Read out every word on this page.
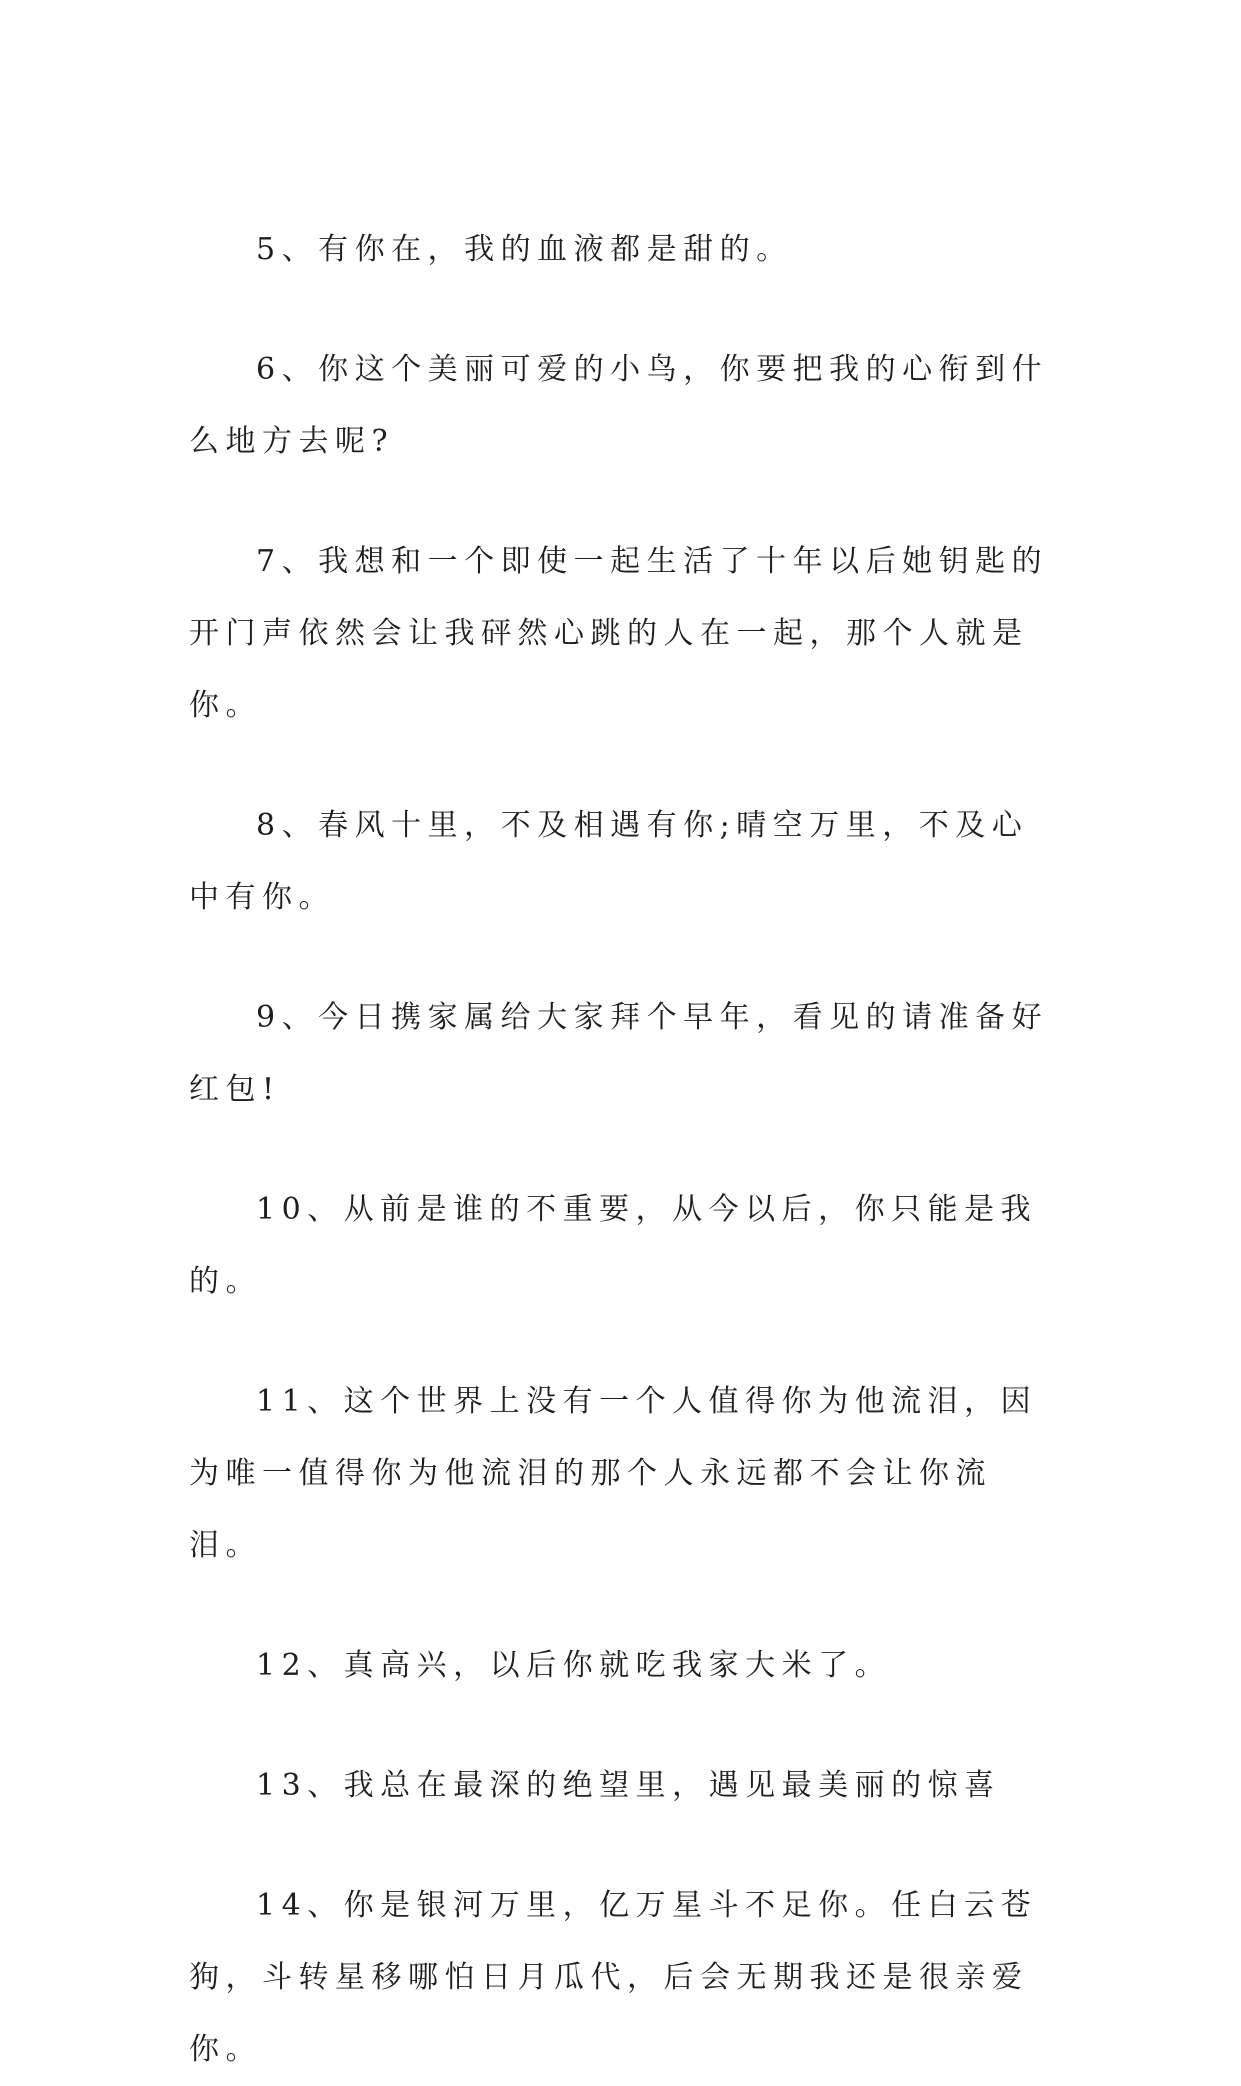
5、有你在，我的血液都是甜的。

6、你这个美丽可爱的小鸟，你要把我的心衔到什么地方去呢?

7、我想和一个即使一起生活了十年以后她钥匙的开门声依然会让我砰然心跳的人在一起，那个人就是你。

8、春风十里，不及相遇有你;晴空万里，不及心中有你。

9、今日携家属给大家拜个早年，看见的请准备好红包!

10、从前是谁的不重要，从今以后，你只能是我的。

11、这个世界上没有一个人值得你为他流泪，因为唯一值得你为他流泪的那个人永远都不会让你流泪。

12、真高兴，以后你就吃我家大米了。

13、我总在最深的绝望里，遇见最美丽的惊喜

14、你是银河万里，亿万星斗不足你。任白云苍狗，斗转星移哪怕日月瓜代，后会无期我还是很亲爱你。
